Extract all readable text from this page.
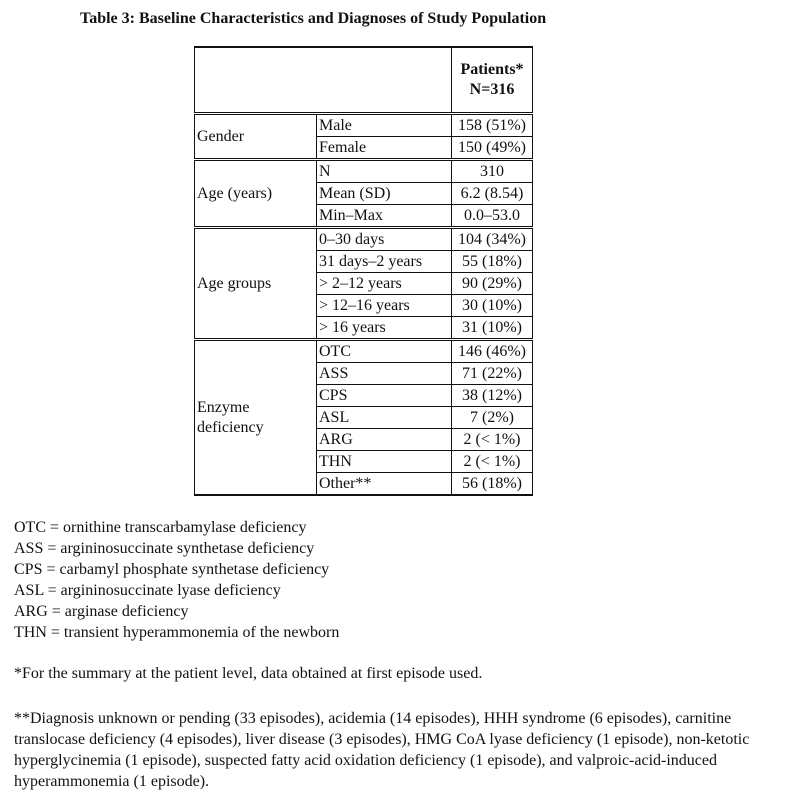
Table 3: Baseline Characteristics and Diagnoses of Study Population

		Patients*
N=316

Gender	Male	158 (51%)
	Female	150 (49%)
Age (years)	N	310
	Mean (SD)	6.2 (8.54)
	Min–Max	0.0–53.0
Age groups	0–30 days	104 (34%)
	31 days–2 years	55 (18%)
	> 2–12 years	90 (29%)
	> 12–16 years	30 (10%)
	> 16 years	31 (10%)

Enzyme
deficiency	OTC	146 (46%)
	ASS	71 (22%)
	CPS	38 (12%)
	ASL	7 (2%)
	ARG	2 (< 1%)
	THN	2 (< 1%)
	Other**	56 (18%)
OTC = ornithine transcarbamylase deficiency
ASS = argininosuccinate synthetase deficiency
CPS = carbamyl phosphate synthetase deficiency
ASL = argininosuccinate lyase deficiency
ARG = arginase deficiency
THN = transient hyperammonemia of the newborn
*For the summary at the patient level, data obtained at first episode used.
**Diagnosis unknown or pending (33 episodes), acidemia (14 episodes), HHH syndrome (6 episodes), carnitine translocase deficiency (4 episodes), liver disease (3 episodes), HMG CoA lyase deficiency (1 episode), non-ketotic hyperglycinemia (1 episode), suspected fatty acid oxidation deficiency (1 episode), and valproic-acid-induced hyperammonemia (1 episode).
